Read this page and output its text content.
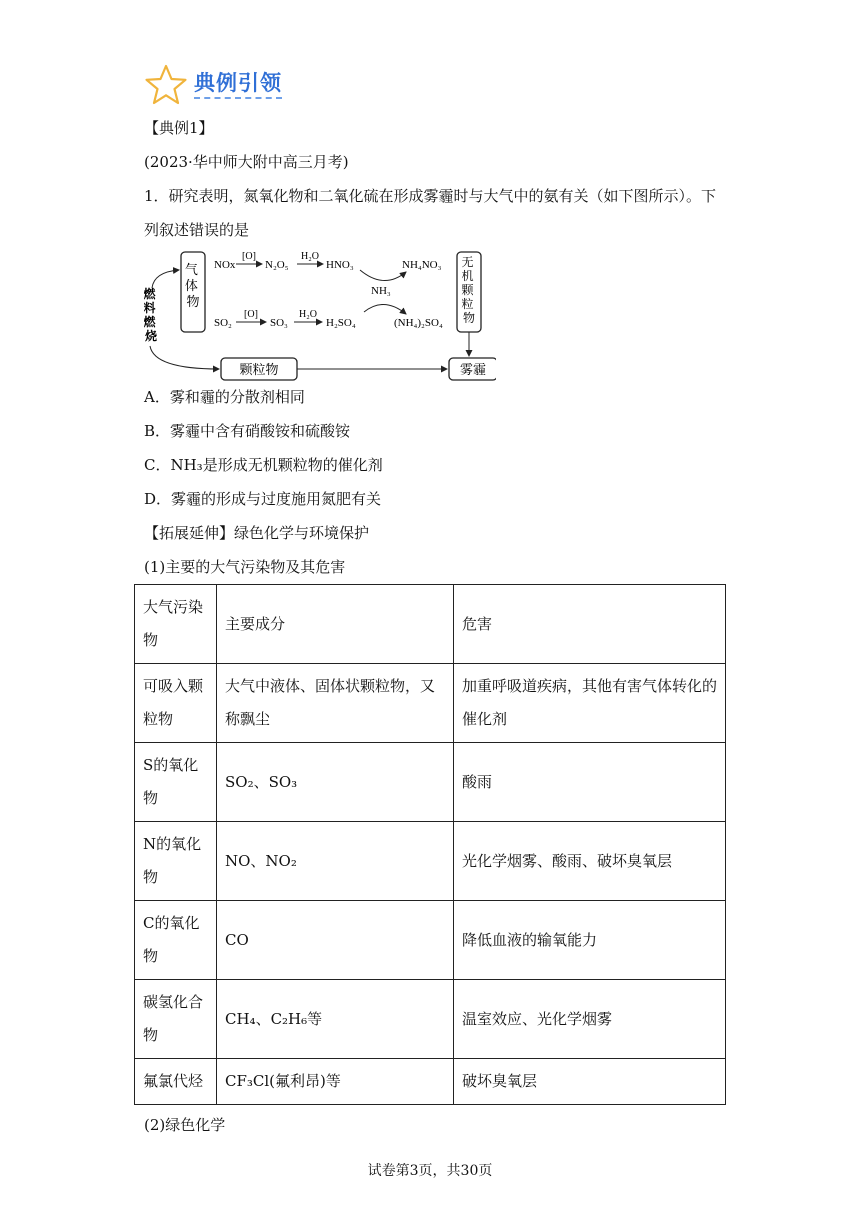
典例引领
【典例1】
(2023·华中师大附中高三月考)
1．研究表明，氮氧化物和二氧化硫在形成雾霾时与大气中的氨有关（如下图所示）。下列叙述错误的是
气 体 物
无 机 颗 粒 物
颗粒物	雾霾
燃 料 燃 烧
NOx
[O]
N₂O₅
H₂O
HNO₃	NH₄NO₃
NH₃
SO₂
[O]
SO₃
H₂O
H₂SO₄	(NH₄)₂SO₄
A．雾和霾的分散剂相同
B．雾霾中含有硝酸铵和硫酸铵
C．NH₃是形成无机颗粒物的催化剂
D．雾霾的形成与过度施用氮肥有关
【拓展延伸】绿色化学与环境保护
(1)主要的大气污染物及其危害
大气污染物	主要成分	危害
可吸入颗粒物	大气中液体、固体状颗粒物，又称飘尘	加重呼吸道疾病，其他有害气体转化的催化剂
S的氧化物	SO₂、SO₃	酸雨
N的氧化物	NO、NO₂	光化学烟雾、酸雨、破坏臭氧层
C的氧化物	CO	降低血液的输氧能力
碳氢化合物	CH₄、C₂H₆等	温室效应、光化学烟雾
氟氯代烃	CF₃Cl(氟利昂)等	破坏臭氧层
(2)绿色化学
试卷第3页，共30页
